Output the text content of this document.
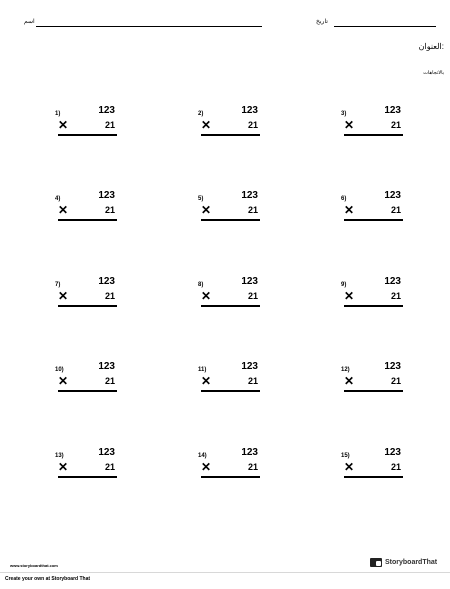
اسم	تاريخ
العنوان:
بالاتجاهات
1)	123
✕	21
2)	123
✕	21
3)	123
✕	21
4)	123
✕	21
5)	123
✕	21
6)	123
✕	21
7)	123
✕	21
8)	123
✕	21
9)	123
✕	21
10)	123
✕	21
11)	123
✕	21
12)	123
✕	21
13)	123
✕	21
14)	123
✕	21
15)	123
✕	21
www.storyboardthat.com	StoryboardThat
Create your own at Storyboard That
